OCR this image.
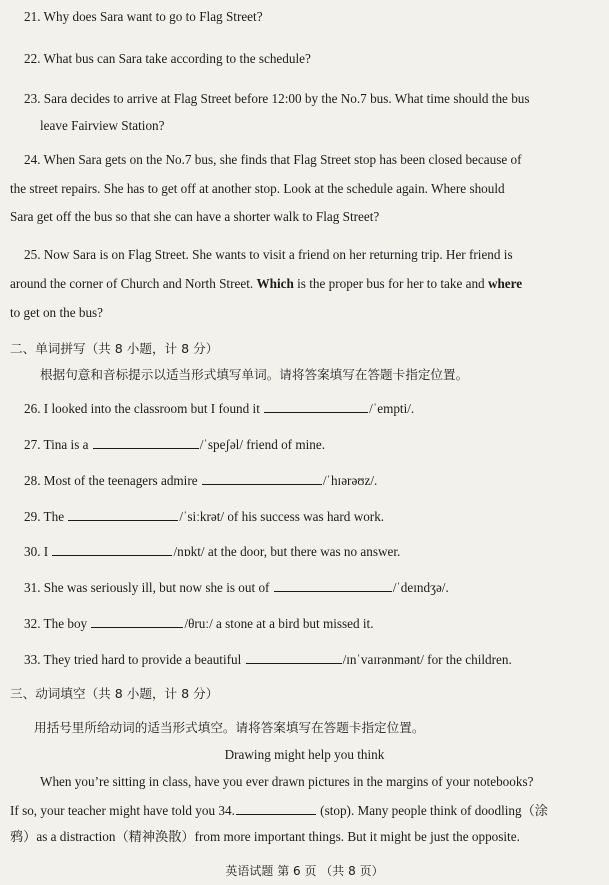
21. Why does Sara want to go to Flag Street?
22. What bus can Sara take according to the schedule?
23. Sara decides to arrive at Flag Street before 12:00 by the No.7 bus. What time should the bus
leave Fairview Station?
24. When Sara gets on the No.7 bus, she finds that Flag Street stop has been closed because of
the street repairs. She has to get off at another stop. Look at the schedule again. Where should
Sara get off the bus so that she can have a shorter walk to Flag Street?
25. Now Sara is on Flag Street. She wants to visit a friend on her returning trip. Her friend is
around the corner of Church and North Street. Which is the proper bus for her to take and where
to get on the bus?
二、单词拼写（共 8 小题，计 8 分）
根据句意和音标提示以适当形式填写单词。请将答案填写在答题卡指定位置。
26. I looked into the classroom but I found it	/ˈempti/.
27. Tina is a	/ˈspeʃəl/ friend of mine.
28. Most of the teenagers admire	/ˈhɪərəʊz/.
29. The	/ˈsiːkrət/ of his success was hard work.
30. I	/nɒkt/ at the door, but there was no answer.
31. She was seriously ill, but now she is out of	/ˈdeɪndʒə/.
32. The boy	/θruː/ a stone at a bird but missed it.
33. They tried hard to provide a beautiful	/ɪnˈvaɪrənmənt/ for the children.
三、动词填空（共 8 小题，计 8 分）
用括号里所给动词的适当形式填空。请将答案填写在答题卡指定位置。
Drawing might help you think
When you’re sitting in class, have you ever drawn pictures in the margins of your notebooks?
If so, your teacher might have told you 34.	(stop). Many people think of doodling（涂
鸦）as a distraction（精神涣散）from more important things. But it might be just the opposite.
英语试题 第 6 页 （共 8 页）
